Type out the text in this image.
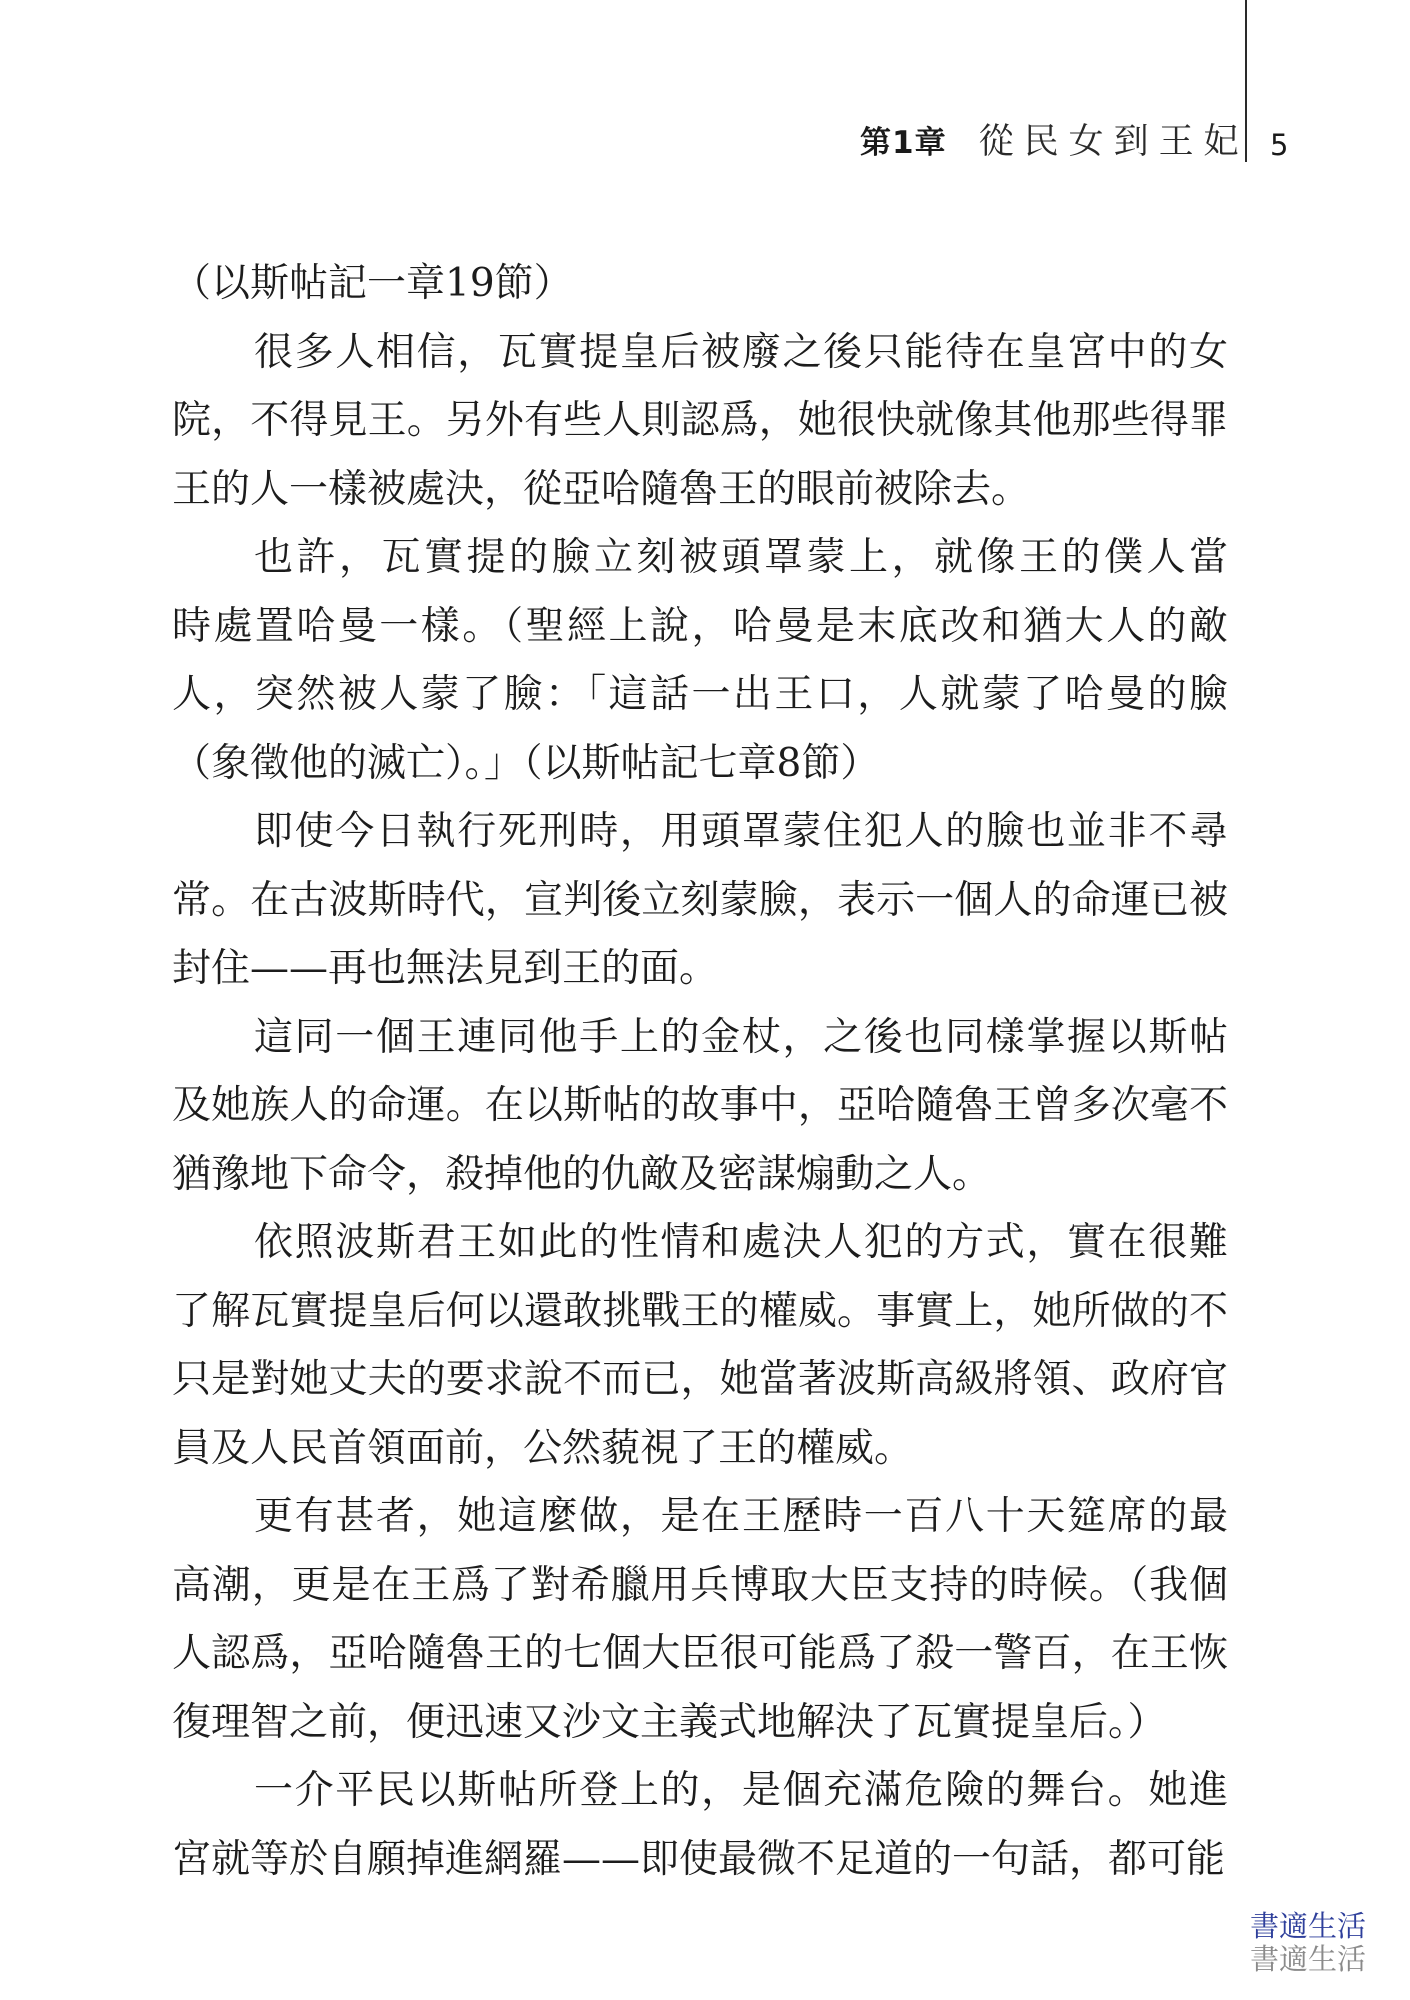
第1章 從民女到王妃 5
（以斯帖記一章19節）
很多人相信，瓦實提皇后被廢之後只能待在皇宮中的女
院，不得見王。另外有些人則認爲，她很快就像其他那些得罪
王的人一樣被處決，從亞哈隨魯王的眼前被除去。
也許，瓦實提的臉立刻被頭罩蒙上，就像王的僕人當
時處置哈曼一樣。（聖經上說，哈曼是末底改和猶大人的敵
人，突然被人蒙了臉：「這話一出王口，人就蒙了哈曼的臉
（象徵他的滅亡）。」（以斯帖記七章8節）
即使今日執行死刑時，用頭罩蒙住犯人的臉也並非不尋
常。在古波斯時代，宣判後立刻蒙臉，表示一個人的命運已被
封住——再也無法見到王的面。
這同一個王連同他手上的金杖，之後也同樣掌握以斯帖
及她族人的命運。在以斯帖的故事中，亞哈隨魯王曾多次毫不
猶豫地下命令，殺掉他的仇敵及密謀煽動之人。
依照波斯君王如此的性情和處決人犯的方式，實在很難
了解瓦實提皇后何以還敢挑戰王的權威。事實上，她所做的不
只是對她丈夫的要求說不而已，她當著波斯高級將領、政府官
員及人民首領面前，公然藐視了王的權威。
更有甚者，她這麼做，是在王歷時一百八十天筵席的最
高潮，更是在王爲了對希臘用兵博取大臣支持的時候。（我個
人認爲，亞哈隨魯王的七個大臣很可能爲了殺一警百，在王恢
復理智之前，便迅速又沙文主義式地解決了瓦實提皇后。）
一介平民以斯帖所登上的，是個充滿危險的舞台。她進
宮就等於自願掉進網羅——即使最微不足道的一句話，都可能
書適生活
書適生活
